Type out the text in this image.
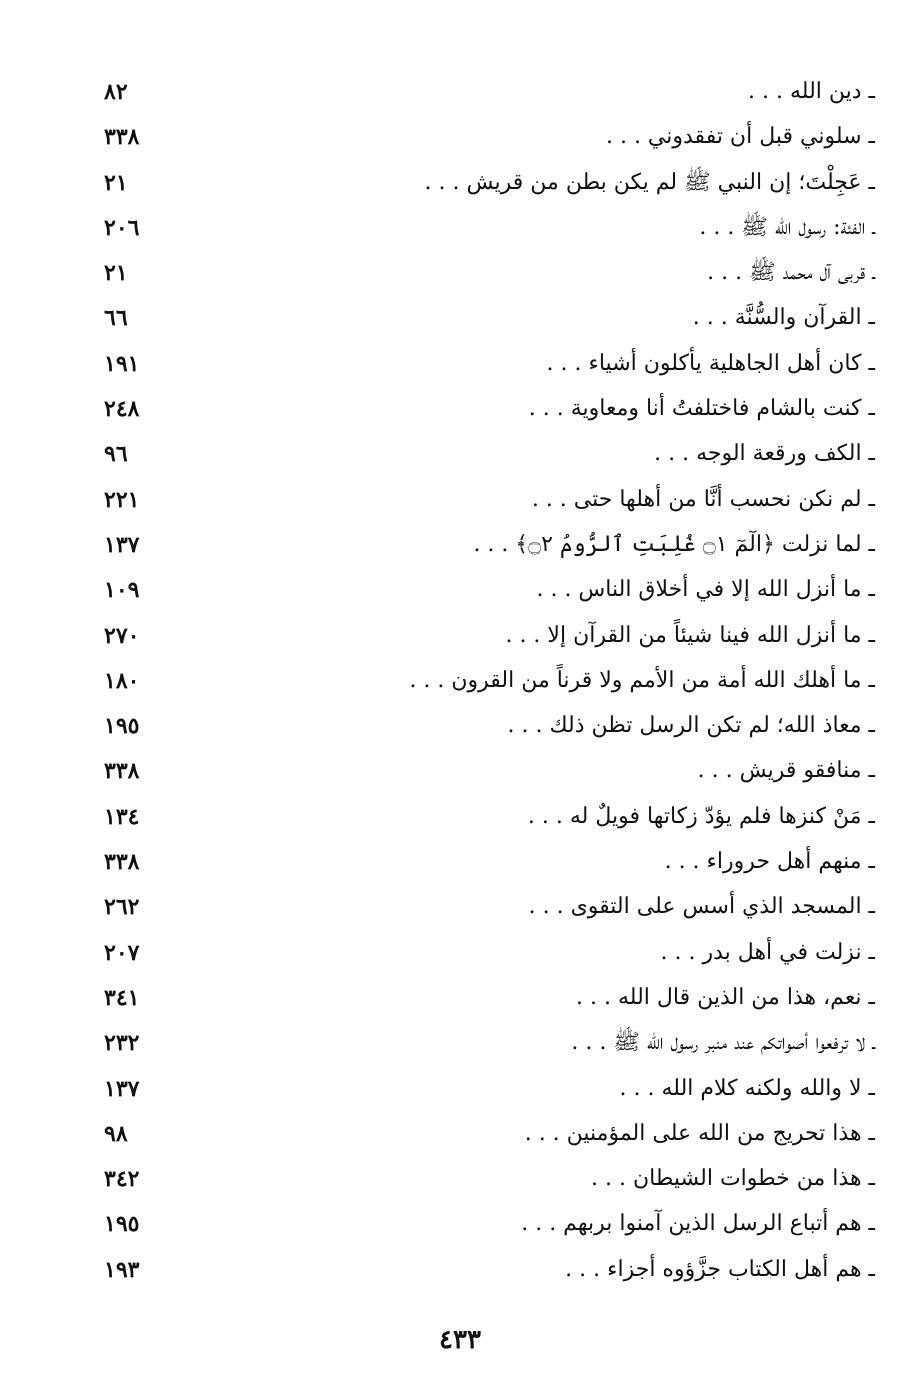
ـ دين الله . . .
٨٢
ـ سلوني قبل أن تفقدوني . . .
٣٣٨
ـ عَجِلْتَ؛ إن النبي ﷺ لم يكن بطن من قريش . . .
٢١
ـ الفئة: رسول الله ﷺ . . .
٢٠٦
ـ قربى آل محمد ﷺ . . .
٢١
ـ القرآن والسُّنَّة . . .
٦٦
ـ كان أهل الجاهلية يأكلون أشياء . . .
١٩١
ـ كنت بالشام فاختلفتُ أنا ومعاوية . . .
٢٤٨
ـ الكف ورقعة الوجه . . .
٩٦
ـ لم نكن نحسب أنَّا من أهلها حتى . . .
٢٢١
ـ لما نزلت ﴿الٓمٓ ۝١ غُلِبَتِ ٱلرُّومُ ۝٢﴾ . . .
١٣٧
ـ ما أنزل الله إلا في أخلاق الناس . . .
١٠٩
ـ ما أنزل الله فينا شيئاً من القرآن إلا . . .
٢٧٠
ـ ما أهلك الله أمة من الأمم ولا قرناً من القرون . . .
١٨٠
ـ معاذ الله؛ لم تكن الرسل تظن ذلك . . .
١٩٥
ـ منافقو قريش . . .
٣٣٨
ـ مَنْ كنزها فلم يؤدّ زكاتها فويلٌ له . . .
١٣٤
ـ منهم أهل حروراء . . .
٣٣٨
ـ المسجد الذي أسس على التقوى . . .
٢٦٢
ـ نزلت في أهل بدر . . .
٢٠٧
ـ نعم، هذا من الذين قال الله . . .
٣٤١
ـ لا ترفعوا أصواتكم عند منبر رسول الله ﷺ . . .
٢٣٢
ـ لا والله ولكنه كلام الله . . .
١٣٧
ـ هذا تحريج من الله على المؤمنين . . .
٩٨
ـ هذا من خطوات الشيطان . . .
٣٤٢
ـ هم أتباع الرسل الذين آمنوا بربهم . . .
١٩٥
ـ هم أهل الكتاب جزَّؤوه أجزاء . . .
١٩٣
٤٣٣
